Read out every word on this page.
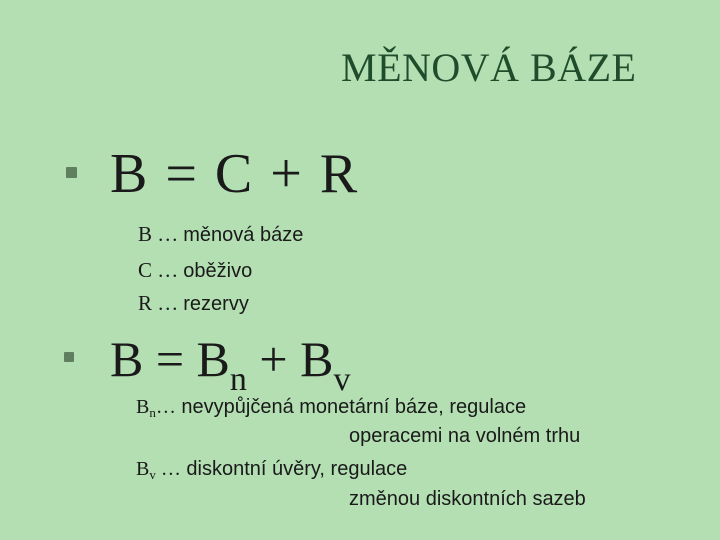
MĚNOVÁ BÁZE
B = C + R
B … měnová báze
C … oběživo
R … rezervy
$B = B_n + B_v$
$B_n\dots$ nevypůjčená monetární báze, regulace
operacemi na volném trhu
$B_v$ … diskontní úvěry, regulace
změnou diskontních sazeb
